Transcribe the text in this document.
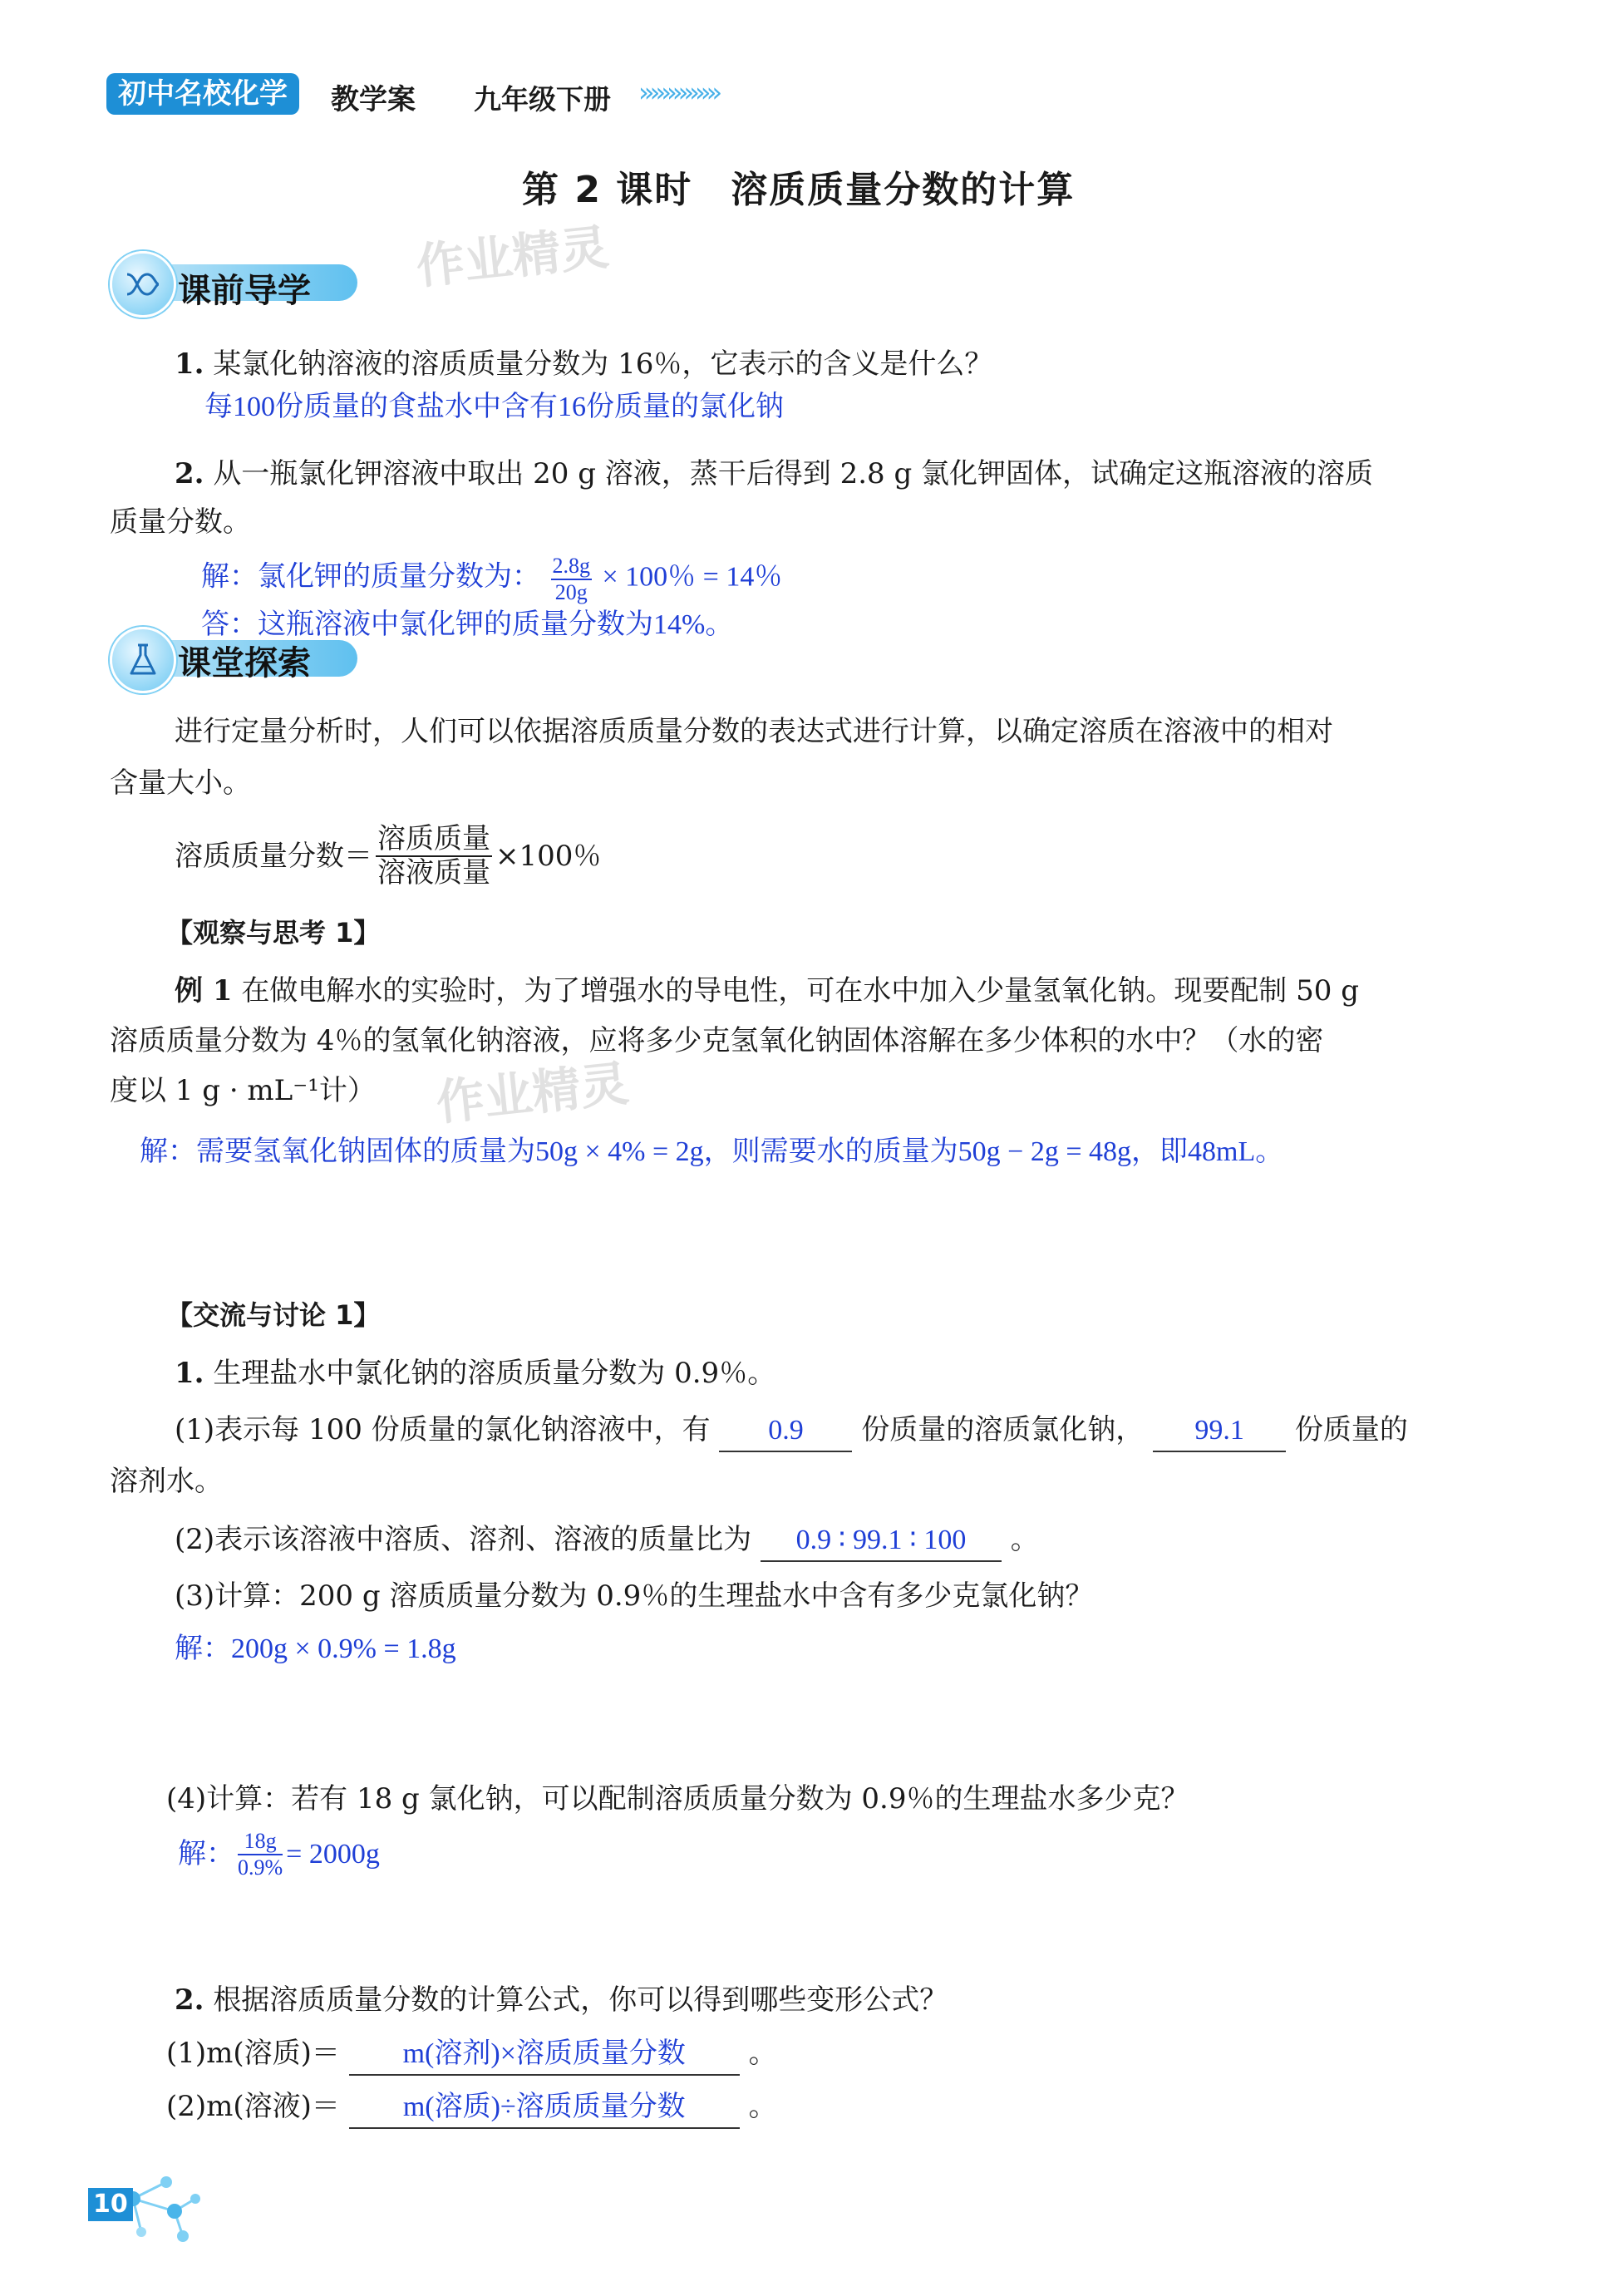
初中名校化学	教学案 九年级下册 ››››››››››››››
第 2 课时　溶质质量分数的计算
作业精灵
课前导学
1. 某氯化钠溶液的溶质质量分数为 16％，它表示的含义是什么？
每100份质量的食盐水中含有16份质量的氯化钠
2. 从一瓶氯化钾溶液中取出 20 g 溶液，蒸干后得到 2.8 g 氯化钾固体，试确定这瓶溶液的溶质
质量分数。
解：氯化钾的质量分数为： $\frac{2.8g}{20g} \times 100$％ = 14％
答：这瓶溶液中氯化钾的质量分数为14%。
课堂探索
进行定量分析时，人们可以依据溶质质量分数的表达式进行计算，以确定溶质在溶液中的相对
含量大小。
溶质质量分数＝ $\frac{\text{溶质质量}}{\text{溶液质量}} \times 100$％
【观察与思考 1】
例 1 在做电解水的实验时，为了增强水的导电性，可在水中加入少量氢氧化钠。现要配制 50 g
溶质质量分数为 4％的氢氧化钠溶液，应将多少克氢氧化钠固体溶解在多少体积的水中？（水的密
度以 1 g · mL⁻¹计） 作业精灵
解：需要氢氧化钠固体的质量为50g × 4% = 2g，则需要水的质量为50g − 2g = 48g，即48mL。
【交流与讨论 1】
1. 生理盐水中氯化钠的溶质质量分数为 0.9％。
(1)表示每 100 份质量的氯化钠溶液中，有 0.9 份质量的溶质氯化钠， 99.1 份质量的
溶剂水。
(2)表示该溶液中溶质、溶剂、溶液的质量比为 0.9 ∶ 99.1 ∶ 100 。
(3)计算：200 g 溶质质量分数为 0.9％的生理盐水中含有多少克氯化钠？
解：200g × 0.9% = 1.8g
(4)计算：若有 18 g 氯化钠，可以配制溶质质量分数为 0.9％的生理盐水多少克？
解： $\frac{18g}{0.9\%} = 2000g$
2. 根据溶质质量分数的计算公式，你可以得到哪些变形公式？
(1)m(溶质)＝ m(溶剂)×溶质质量分数 。
(2)m(溶液)＝ m(溶质)÷溶质质量分数 。
10
